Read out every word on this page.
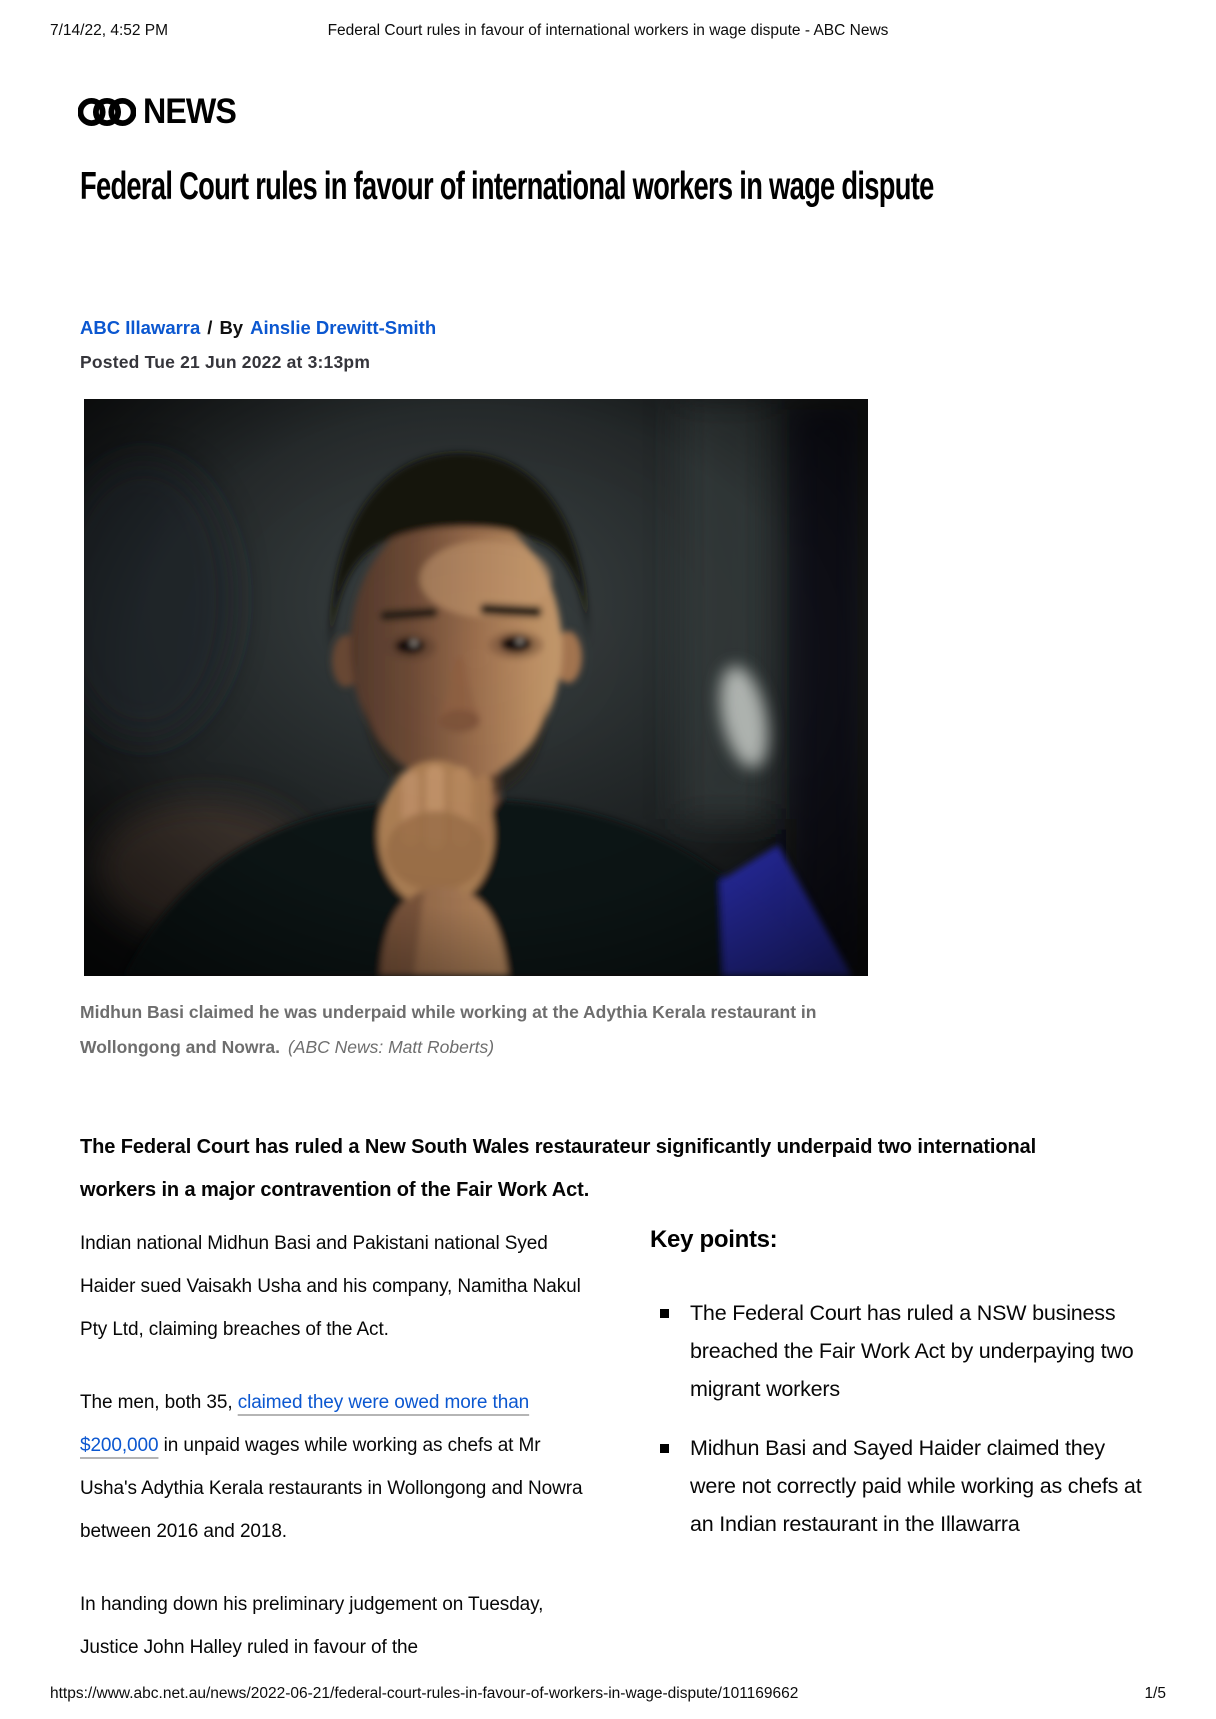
7/14/22, 4:52 PM	Federal Court rules in favour of international workers in wage dispute - ABC News
NEWS
Federal Court rules in favour of international workers in wage dispute
ABC Illawarra / By Ainslie Drewitt-Smith
Posted Tue 21 Jun 2022 at 3:13pm
Midhun Basi claimed he was underpaid while working at the Adythia Kerala restaurant in Wollongong and Nowra. (ABC News: Matt Roberts)
The Federal Court has ruled a New South Wales restaurateur significantly underpaid two international workers in a major contravention of the Fair Work Act.

Indian national Midhun Basi and Pakistani national Syed Haider sued Vaisakh Usha and his company, Namitha Nakul Pty Ltd, claiming breaches of the Act.

The men, both 35, claimed they were owed more than $200,000 in unpaid wages while working as chefs at Mr Usha's Adythia Kerala restaurants in Wollongong and Nowra between 2016 and 2018.

In handing down his preliminary judgement on Tuesday, Justice John Halley ruled in favour of the

Key points:
The Federal Court has ruled a NSW business breached the Fair Work Act by underpaying two migrant workers
Midhun Basi and Sayed Haider claimed they were not correctly paid while working as chefs at an Indian restaurant in the Illawarra
https://www.abc.net.au/news/2022-06-21/federal-court-rules-in-favour-of-workers-in-wage-dispute/101169662	1/5
